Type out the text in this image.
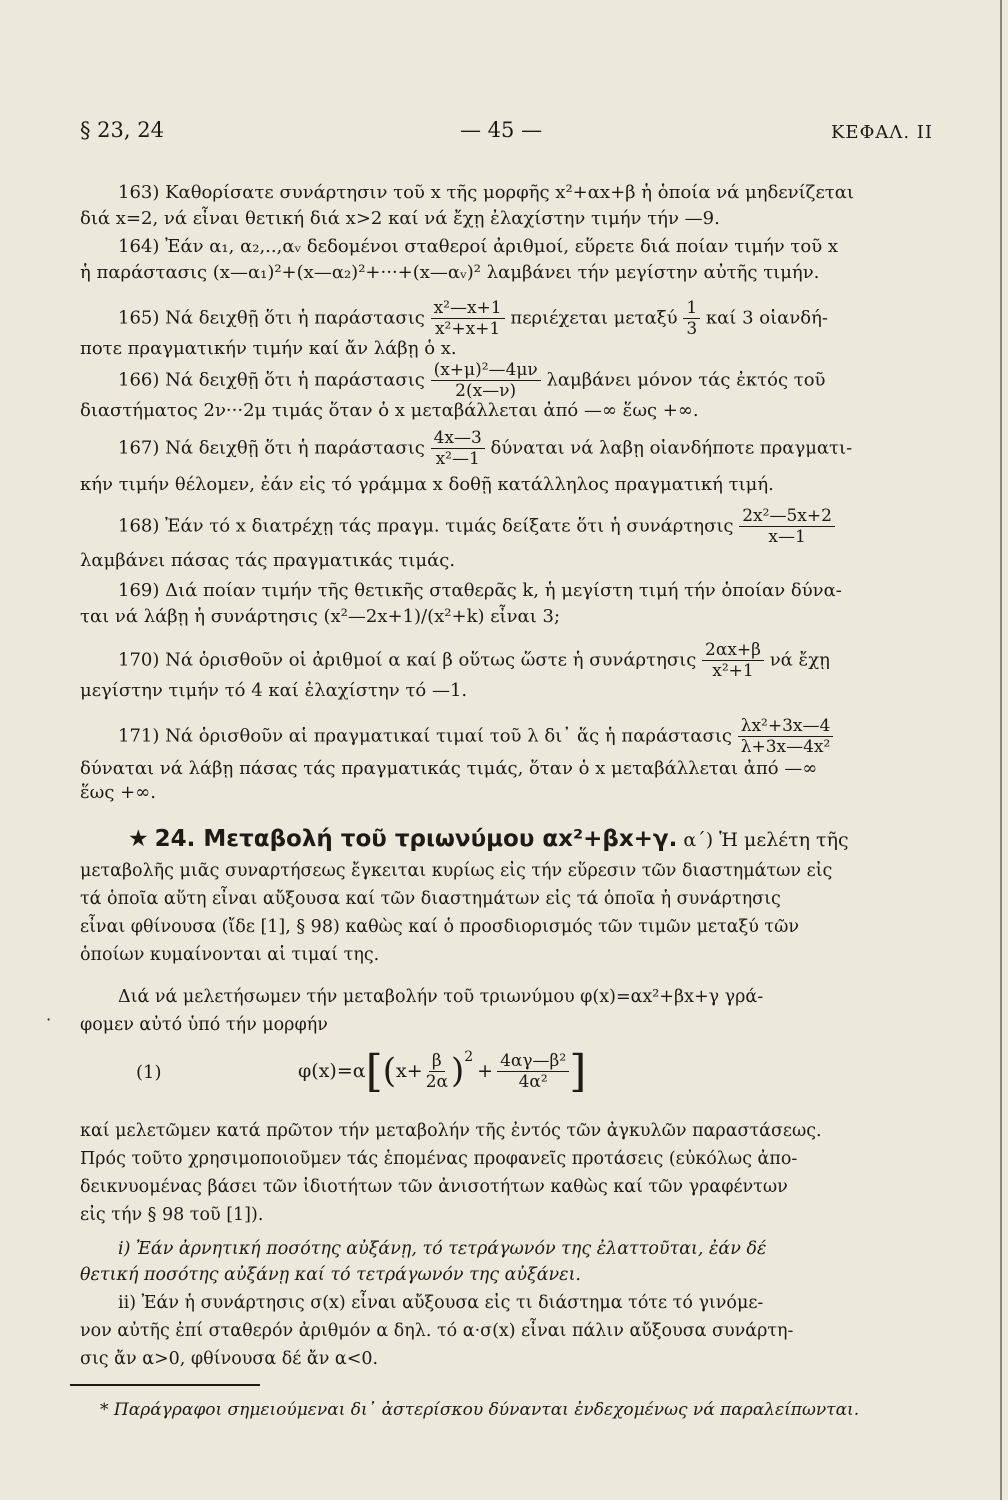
§ 23, 24	— 45 —	ΚΕΦΑΛ. II
163) Καθορίσατε συνάρτησιν τοῦ x τῆς μορφῆς x²+αx+β ἡ ὁποία νά μηδενίζεται
διά x=2, νά εἶναι θετική διά x>2 καί νά ἔχῃ ἐλαχίστην τιμήν τήν —9.
164) Ἐάν α₁, α₂,..,αᵥ δεδομένοι σταθεροί ἀριθμοί, εὕρετε διά ποίαν τιμήν τοῦ x
ἡ παράστασις (x—α₁)²+(x—α₂)²+···+(x—αᵥ)² λαμβάνει τήν μεγίστην αὐτῆς τιμήν.
165) Νά δειχθῇ ὅτι ἡ παράστασις $\frac{\text{x²—x+1}}{\text{x²+x+1}}$ περιέχεται μεταξύ $\frac{1}{3}$ καί 3 οἱανδή-
ποτε πραγματικήν τιμήν καί ἄν λάβῃ ὁ x.
166) Νά δειχθῇ ὅτι ἡ παράστασις $\frac{\text{(x+μ)²—4μν}}{2(x—\nu)}$ λαμβάνει μόνον τάς ἐκτός τοῦ
διαστήματος 2ν···2μ τιμάς ὅταν ὁ x μεταβάλλεται ἀπό —∞ ἕως +∞.
167) Νά δειχθῇ ὅτι ἡ παράστασις $\frac{4x—3}{\text{x²—1}}$ δύναται νά λαβῃ οἱανδήποτε πραγματι-
κήν τιμήν θέλομεν, ἐάν εἰς τό γράμμα x δοθῇ κατάλληλος πραγματική τιμή.
168) Ἐάν τό x διατρέχῃ τάς πραγμ. τιμάς δείξατε ὅτι ἡ συνάρτησις $\frac{\text{2x²—5x+2}}{x—1}$
λαμβάνει πάσας τάς πραγματικάς τιμάς.
169) Διά ποίαν τιμήν τῆς θετικῆς σταθερᾶς k, ἡ μεγίστη τιμή τήν ὁποίαν δύνα-
ται νά λάβῃ ἡ συνάρτησις (x²—2x+1)/(x²+k) εἶναι 3;
170) Νά ὁρισθοῦν οἱ ἀριθμοί α καί β οὕτως ὥστε ἡ συνάρτησις $\frac{2\alpha x+\beta}{\text{x²+1}}$ νά ἔχῃ
μεγίστην τιμήν τό 4 καί ἐλαχίστην τό —1.
171) Νά ὁρισθοῦν αἱ πραγματικαί τιμαί τοῦ λ δι᾽ ἅς ἡ παράστασις $\frac{\text{λx²+3x—4}}{\text{λ+3x—4x²}}$
δύναται νά λάβῃ πάσας τάς πραγματικάς τιμάς, ὅταν ὁ x μεταβάλλεται ἀπό —∞
ἕως +∞.
★ 24. Μεταβολή τοῦ τριωνύμου αx²+βx+γ. α΄) Ἡ μελέτη τῆς
μεταβολῆς μιᾶς συναρτήσεως ἔγκειται κυρίως εἰς τήν εὕρεσιν τῶν διαστημάτων εἰς
τά ὁποῖα αὕτη εἶναι αὔξουσα καί τῶν διαστημάτων εἰς τά ὁποῖα ἡ συνάρτησις
εἶναι φθίνουσα (ἴδε [1], § 98) καθὼς καί ὁ προσδιορισμός τῶν τιμῶν μεταξύ τῶν
ὁποίων κυμαίνονται αἱ τιμαί της.
·
Διά νά μελετήσωμεν τήν μεταβολήν τοῦ τριωνύμου φ(x)=αx²+βx+γ γρά-
φομεν αὐτό ὑπό τήν μορφήν
(1)	φ(x)=α [ ( $x+ \frac{\beta}{2\alpha} )^2$
+ $\frac{\text{4αγ—β²}}{\text{4α²}}$ ]
καί μελετῶμεν κατά πρῶτον τήν μεταβολήν τῆς ἐντός τῶν ἀγκυλῶν παραστάσεως.
Πρός τοῦτο χρησιμοποιοῦμεν τάς ἑπομένας προφανεῖς προτάσεις (εὐκόλως ἀπο-
δεικνυομένας βάσει τῶν ἰδιοτήτων τῶν ἀνισοτήτων καθὼς καί τῶν γραφέντων
εἰς τήν § 98 τοῦ [1]).
i) Ἐάν ἀρνητική ποσότης αὐξάνῃ, τό τετράγωνόν της ἐλαττοῦται, ἐάν δέ
θετική ποσότης αὐξάνῃ καί τό τετράγωνόν της αὐξάνει.
ii) Ἐάν ἡ συνάρτησις σ(x) εἶναι αὔξουσα εἰς τι διάστημα τότε τό γινόμε-
νον αὐτῆς ἐπί σταθερόν ἀριθμόν α δηλ. τό α·σ(x) εἶναι πάλιν αὔξουσα συνάρτη-
σις ἄν α>0, φθίνουσα δέ ἄν α<0.
* Παράγραφοι σημειούμεναι δι᾽ ἀστερίσκου δύνανται ἐνδεχομένως νά παραλείπωνται.
